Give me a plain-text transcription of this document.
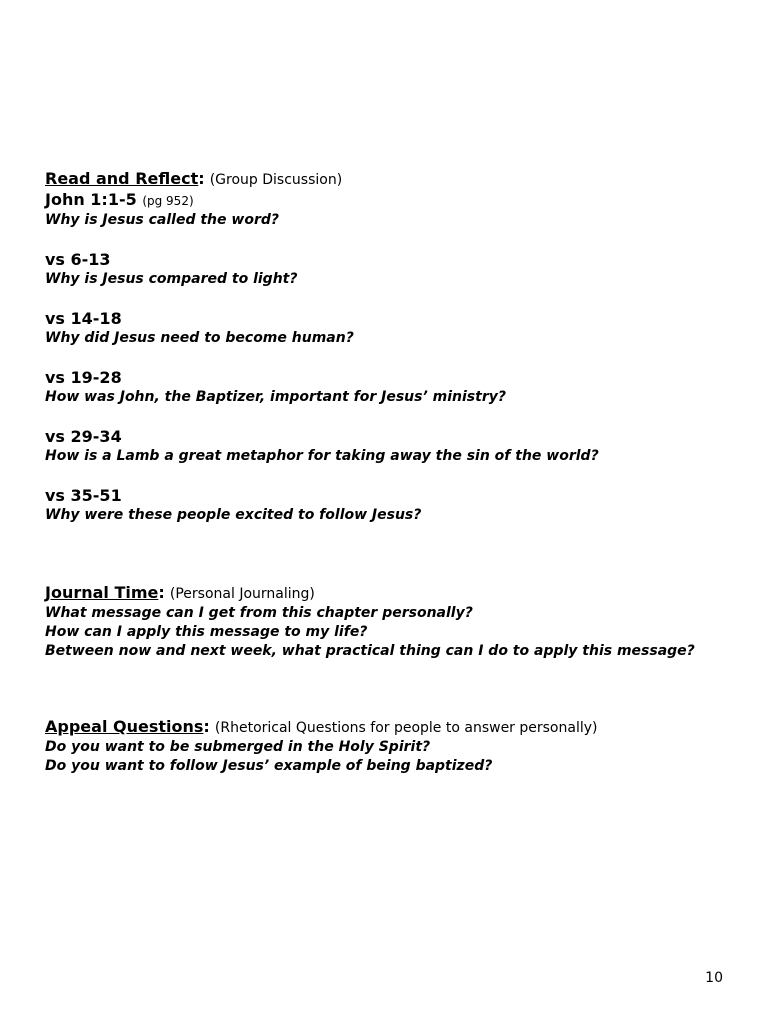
Read and Reflect: (Group Discussion)
John 1:1-5 (pg 952)
Why is Jesus called the word?
vs 6-13
Why is Jesus compared to light?
vs 14-18
Why did Jesus need to become human?
vs 19-28
How was John, the Baptizer, important for Jesus’ ministry?
vs 29-34
How is a Lamb a great metaphor for taking away the sin of the world?
vs 35-51
Why were these people excited to follow Jesus?
Journal Time: (Personal Journaling)
What message can I get from this chapter personally?
How can I apply this message to my life?
Between now and next week, what practical thing can I do to apply this message?
Appeal Questions: (Rhetorical Questions for people to answer personally)
Do you want to be submerged in the Holy Spirit?
Do you want to follow Jesus’ example of being baptized?
10
